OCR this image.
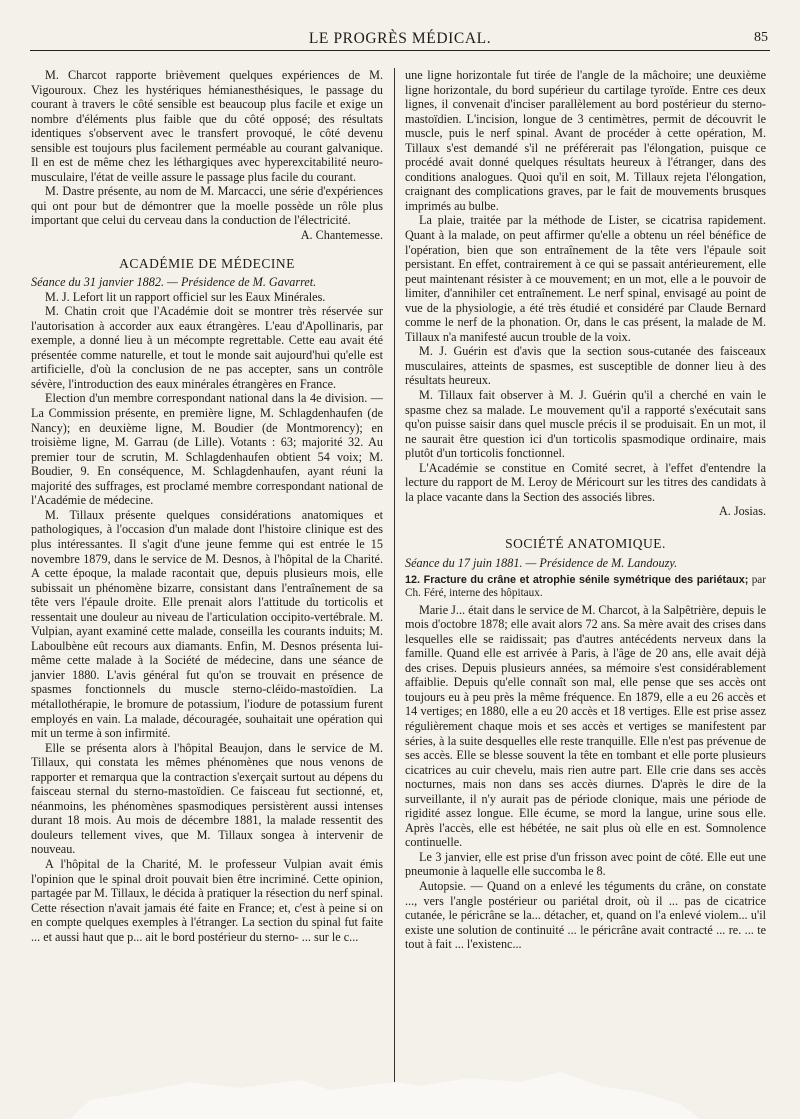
LE PROGRÈS MÉDICAL.	85

M. Charcot rapporte brièvement quelques expériences de M. Vigouroux. Chez les hystériques hémianesthésiques, le passage du courant à travers le côté sensible est beaucoup plus facile et exige un nombre d'éléments plus faible que du côté opposé; des résultats identiques s'observent avec le transfert provoqué, le côté devenu sensible est toujours plus facilement perméable au courant galvanique. Il en est de même chez les léthargiques avec hyperexcitabilité neuro-musculaire, l'état de veille assure le passage plus facile du courant.

M. Dastre présente, au nom de M. Marcacci, une série d'expériences qui ont pour but de démontrer que la moelle possède un rôle plus important que celui du cerveau dans la conduction de l'électricité.

A. Chantemesse.

ACADÉMIE DE MÉDECINE

Séance du 31 janvier 1882. — Présidence de M. Gavarret.

M. J. Lefort lit un rapport officiel sur les Eaux Minérales.

M. Chatin croit que l'Académie doit se montrer très réservée sur l'autorisation à accorder aux eaux étrangères. L'eau d'Apollinaris, par exemple, a donné lieu à un mécompte regrettable. Cette eau avait été présentée comme naturelle, et tout le monde sait aujourd'hui qu'elle est artificielle, d'où la conclusion de ne pas accepter, sans un contrôle sévère, l'introduction des eaux minérales étrangères en France.

Election d'un membre correspondant national dans la 4e division. — La Commission présente, en première ligne, M. Schlagdenhaufen (de Nancy); en deuxième ligne, M. Boudier (de Montmorency); en troisième ligne, M. Garrau (de Lille). Votants : 63; majorité 32. Au premier tour de scrutin, M. Schlagdenhaufen obtient 54 voix; M. Boudier, 9. En conséquence, M. Schlagdenhaufen, ayant réuni la majorité des suffrages, est proclamé membre correspondant national de l'Académie de médecine.

M. Tillaux présente quelques considérations anatomiques et pathologiques, à l'occasion d'un malade dont l'histoire clinique est des plus intéressantes. Il s'agit d'une jeune femme qui est entrée le 15 novembre 1879, dans le service de M. Desnos, à l'hôpital de la Charité. A cette époque, la malade racontait que, depuis plusieurs mois, elle subissait un phénomène bizarre, consistant dans l'entraînement de sa tête vers l'épaule droite. Elle prenait alors l'attitude du torticolis et ressentait une douleur au niveau de l'articulation occipito-vertébrale. M. Vulpian, ayant examiné cette malade, conseilla les courants induits; M. Laboulbène eût recours aux diamants. Enfin, M. Desnos présenta lui-même cette malade à la Société de médecine, dans une séance de janvier 1880. L'avis général fut qu'on se trouvait en présence de spasmes fonctionnels du muscle sterno-cléido-mastoïdien. La métallothérapie, le bromure de potassium, l'iodure de potassium furent employés en vain. La malade, découragée, souhaitait une opération qui mit un terme à son infirmité.

Elle se présenta alors à l'hôpital Beaujon, dans le service de M. Tillaux, qui constata les mêmes phénomènes que nous venons de rapporter et remarqua que la contraction s'exerçait surtout au dépens du faisceau sternal du sterno-mastoïdien. Ce faisceau fut sectionné, et, néanmoins, les phénomènes spasmodiques persistèrent aussi intenses durant 18 mois. Au mois de décembre 1881, la malade ressentit des douleurs tellement vives, que M. Tillaux songea à intervenir de nouveau.

A l'hôpital de la Charité, M. le professeur Vulpian avait émis l'opinion que le spinal droit pouvait bien être incriminé. Cette opinion, partagée par M. Tillaux, le décida à pratiquer la résection du nerf spinal. Cette résection n'avait jamais été faite en France; et, c'est à peine si on en compte quelques exemples à l'étranger. La section du spinal fut faite ... et aussi haut que p... ait le bord postérieur du sterno- ... sur le c...

une ligne horizontale fut tirée de l'angle de la mâchoire; une deuxième ligne horizontale, du bord supérieur du cartilage tyroïde. Entre ces deux lignes, il convenait d'inciser parallèlement au bord postérieur du sterno-mastoïdien. L'incision, longue de 3 centimètres, permit de découvrit le muscle, puis le nerf spinal. Avant de procéder à cette opération, M. Tillaux s'est demandé s'il ne préférerait pas l'élongation, puisque ce procédé avait donné quelques résultats heureux à l'étranger, dans des conditions analogues. Quoi qu'il en soit, M. Tillaux rejeta l'élongation, craignant des complications graves, par le fait de mouvements brusques imprimés au bulbe.

La plaie, traitée par la méthode de Lister, se cicatrisa rapidement. Quant à la malade, on peut affirmer qu'elle a obtenu un réel bénéfice de l'opération, bien que son entraînement de la tête vers l'épaule soit persistant. En effet, contrairement à ce qui se passait antérieurement, elle peut maintenant résister à ce mouvement; en un mot, elle a le pouvoir de limiter, d'annihiler cet entraînement. Le nerf spinal, envisagé au point de vue de la physiologie, a été très étudié et considéré par Claude Bernard comme le nerf de la phonation. Or, dans le cas présent, la malade de M. Tillaux n'a manifesté aucun trouble de la voix.

M. J. Guérin est d'avis que la section sous-cutanée des faisceaux musculaires, atteints de spasmes, est susceptible de donner lieu à des résultats heureux.

M. Tillaux fait observer à M. J. Guérin qu'il a cherché en vain le spasme chez sa malade. Le mouvement qu'il a rapporté s'exécutait sans qu'on puisse saisir dans quel muscle précis il se produisait. En un mot, il ne saurait être question ici d'un torticolis spasmodique ordinaire, mais plutôt d'un torticolis fonctionnel.

L'Académie se constitue en Comité secret, à l'effet d'entendre la lecture du rapport de M. Leroy de Méricourt sur les titres des candidats à la place vacante dans la Section des associés libres.

A. Josias.

SOCIÉTÉ ANATOMIQUE.

Séance du 17 juin 1881. — Présidence de M. Landouzy.

12. Fracture du crâne et atrophie sénile symétrique des pariétaux; par Ch. Féré, interne des hôpitaux.

Marie J... était dans le service de M. Charcot, à la Salpêtrière, depuis le mois d'octobre 1878; elle avait alors 72 ans. Sa mère avait des crises dans lesquelles elle se raidissait; pas d'autres antécédents nerveux dans la famille. Quand elle est arrivée à Paris, à l'âge de 20 ans, elle avait déjà des crises. Depuis plusieurs années, sa mémoire s'est considérablement affaiblie. Depuis qu'elle connaît son mal, elle pense que ses accès ont toujours eu à peu près la même fréquence. En 1879, elle a eu 26 accès et 14 vertiges; en 1880, elle a eu 20 accès et 18 vertiges. Elle est prise assez régulièrement chaque mois et ses accès et vertiges se manifestent par séries, à la suite desquelles elle reste tranquille. Elle n'est pas prévenue de ses accès. Elle se blesse souvent la tête en tombant et elle porte plusieurs cicatrices au cuir chevelu, mais rien autre part. Elle crie dans ses accès nocturnes, mais non dans ses accès diurnes. D'après le dire de la surveillante, il n'y aurait pas de période clonique, mais une période de rigidité assez longue. Elle écume, se mord la langue, urine sous elle. Après l'accès, elle est hébétée, ne sait plus où elle en est. Somnolence continuelle.

Le 3 janvier, elle est prise d'un frisson avec point de côté. Elle eut une pneumonie à laquelle elle succomba le 8.

Autopsie. — Quand on a enlevé les téguments du crâne, on constate ..., vers l'angle postérieur ou pariétal droit, où il ... pas de cicatrice cutanée, le péricrâne se la... détacher, et, quand on l'a enlevé violem... u'il existe une solution de continuité ... le péricrâne avait contracté ... re. ... te tout à fait ... l'existenc...
